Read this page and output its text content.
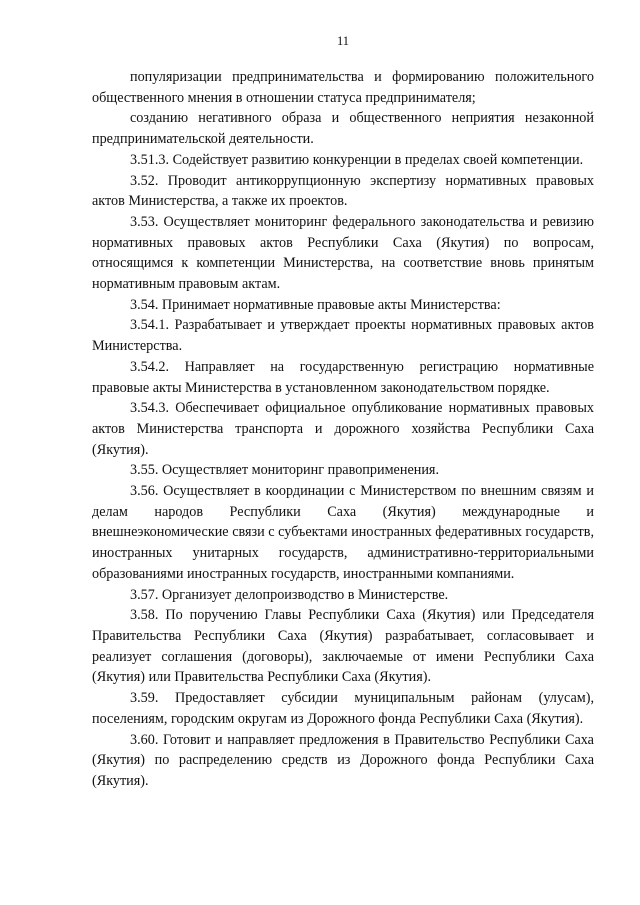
11

популяризации предпринимательства и формированию положительного общественного мнения в отношении статуса предпринимателя;

созданию негативного образа и общественного неприятия незаконной предпринимательской деятельности.

3.51.3. Содействует развитию конкуренции в пределах своей компетенции.

3.52. Проводит антикоррупционную экспертизу нормативных правовых актов Министерства, а также их проектов.

3.53. Осуществляет мониторинг федерального законодательства и ревизию нормативных правовых актов Республики Саха (Якутия) по вопросам, относящимся к компетенции Министерства, на соответствие вновь принятым нормативным правовым актам.

3.54. Принимает нормативные правовые акты Министерства:

3.54.1. Разрабатывает и утверждает проекты нормативных правовых актов Министерства.

3.54.2. Направляет на государственную регистрацию нормативные правовые акты Министерства в установленном законодательством порядке.

3.54.3. Обеспечивает официальное опубликование нормативных правовых актов Министерства транспорта и дорожного хозяйства Республики Саха (Якутия).

3.55. Осуществляет мониторинг правоприменения.

3.56. Осуществляет в координации с Министерством по внешним связям и делам народов Республики Саха (Якутия) международные и внешнеэкономические связи с субъектами иностранных федеративных государств, иностранных унитарных государств, административно-территориальными образованиями иностранных государств, иностранными компаниями.

3.57. Организует делопроизводство в Министерстве.

3.58. По поручению Главы Республики Саха (Якутия) или Председателя Правительства Республики Саха (Якутия) разрабатывает, согласовывает и реализует соглашения (договоры), заключаемые от имени Республики Саха (Якутия) или Правительства Республики Саха (Якутия).

3.59. Предоставляет субсидии муниципальным районам (улусам), поселениям, городским округам из Дорожного фонда Республики Саха (Якутия).

3.60. Готовит и направляет предложения в Правительство Республики Саха (Якутия) по распределению средств из Дорожного фонда Республики Саха (Якутия).
